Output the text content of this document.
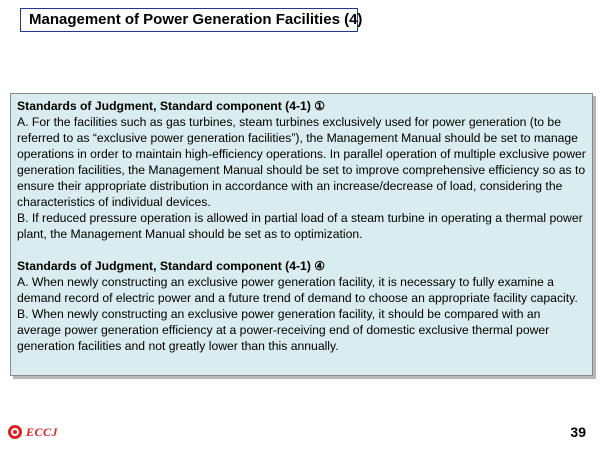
Management of Power Generation Facilities (4)
Standards of Judgment, Standard component (4-1) ①
A. For the facilities such as gas turbines, steam turbines exclusively used for power generation (to be referred to as “exclusive power generation facilities”), the Management Manual should be set to manage operations in order to maintain high-efficiency operations. In parallel operation of multiple exclusive power generation facilities, the Management Manual should be set to improve comprehensive efficiency so as to ensure their appropriate distribution in accordance with an increase/decrease of load, considering the characteristics of individual devices.
B. If reduced pressure operation is allowed in partial load of a steam turbine in operating a thermal power plant, the Management Manual should be set as to optimization.
Standards of Judgment, Standard component (4-1) ④
A. When newly constructing an exclusive power generation facility, it is necessary to fully examine a demand record of electric power and a future trend of demand to choose an appropriate facility capacity.
B. When newly constructing an exclusive power generation facility, it should be compared with an average power generation efficiency at a power-receiving end of domestic exclusive thermal power generation facilities and not greatly lower than this annually.
ECCJ	39
